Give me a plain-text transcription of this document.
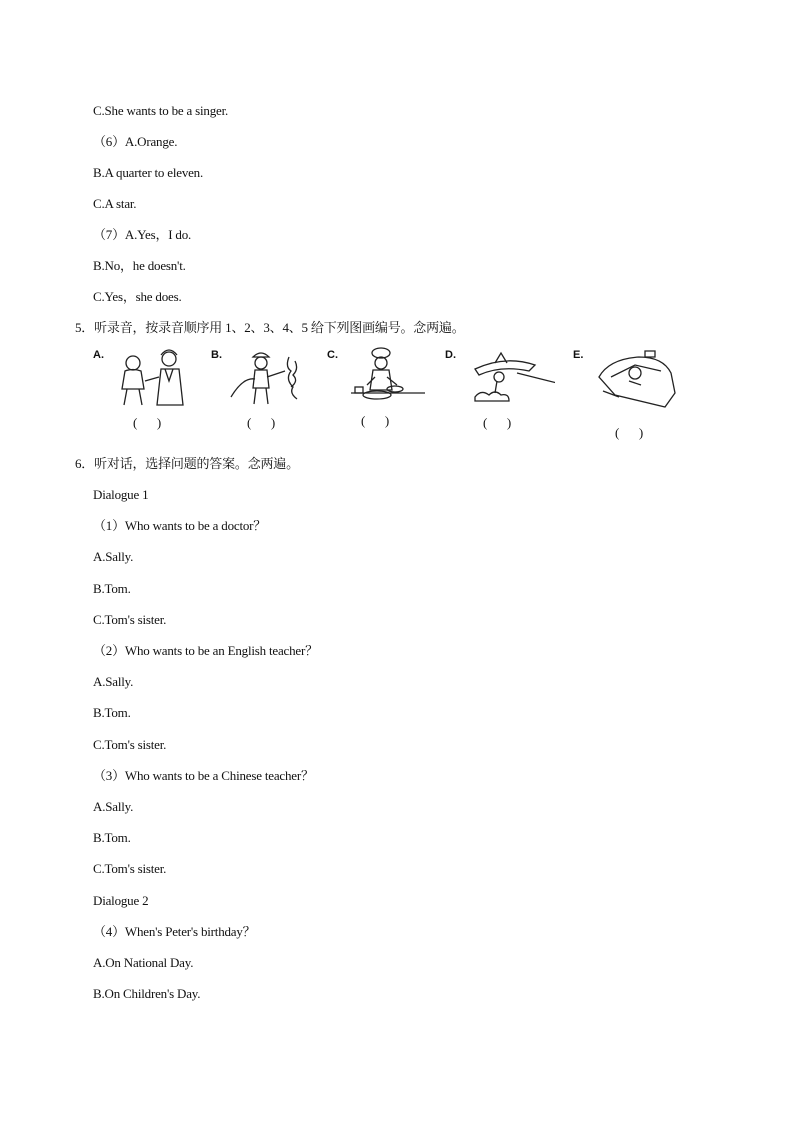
C.She wants to be a singer.
（6）A.Orange.
B.A quarter to eleven.
C.A star.
（7）A.Yes，I do.
B.No，he doesn't.
C.Yes，she does.
5．听录音，按录音顺序用 1、2、3、4、5 给下列图画编号。念两遍。
A.
(      )
B.
(      )
C.
(      )
D.
(      )
E.
(      )
6．听对话，选择问题的答案。念两遍。
Dialogue 1
（1）Who wants to be a doctor？
A.Sally.
B.Tom.
C.Tom's sister.
（2）Who wants to be an English teacher？
A.Sally.
B.Tom.
C.Tom's sister.
（3）Who wants to be a Chinese teacher？
A.Sally.
B.Tom.
C.Tom's sister.
Dialogue 2
（4）When's Peter's birthday？
A.On National Day.
B.On Children's Day.
